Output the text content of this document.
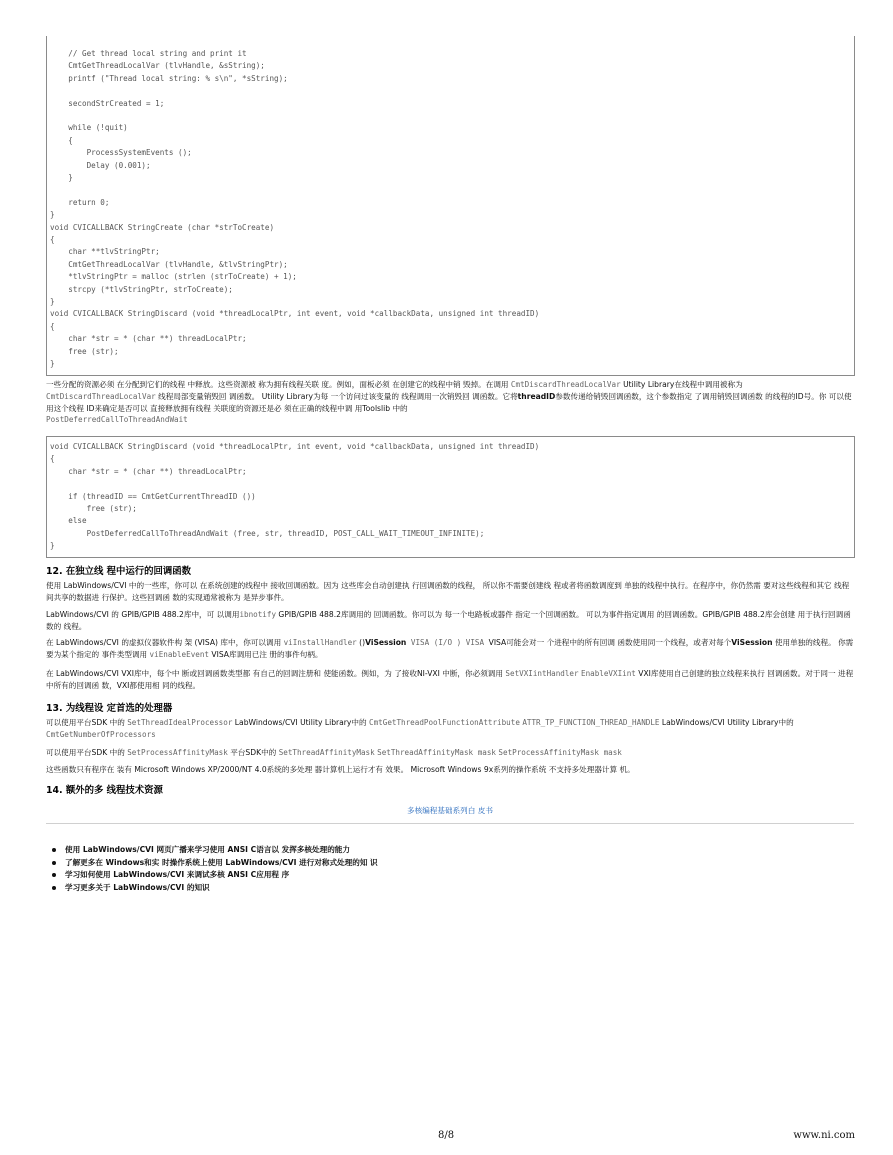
// Get thread local string and print it
CmtGetThreadLocalVar (tlvHandle, &sString);
printf ("Thread local string: % s\n", *sString);
secondStrCreated = 1;
while (!quit)
{
ProcessSystemEvents ();
Delay (0.001);
}
return 0;
}
void CVICALLBACK StringCreate (char *strToCreate)
{
char **tlvStringPtr;
CmtGetThreadLocalVar (tlvHandle, &tlvStringPtr);
*tlvStringPtr = malloc (strlen (strToCreate) + 1);
strcpy (*tlvStringPtr, strToCreate);
}
void CVICALLBACK StringDiscard (void *threadLocalPtr, int event, void *callbackData, unsigned int threadID)
{
char *str = * (char **) threadLocalPtr;
free (str);
}
一些分配的资源必须 在分配到它们的线程 中释放。这些资源被 称为拥有线程关联 度。例如，面板必须 在创建它的线程中销 毁掉。在调用 CmtDiscardThreadLocalVar Utility Library在线程中调用被称为 CmtDiscardThreadLocalVar 线程局部变量销毁回 调函数。 Utility Library为每 一个访问过该变量的 线程调用一次销毁回 调函数。它将threadID参数传递给销毁回调函数，这个参数指定 了调用销毁回调函数 的线程的ID号。你 可以使用这个线程 ID来确定是否可以 直接释放拥有线程 关联度的资源还是必 须在正确的线程中调 用Toolslib 中的
PostDeferredCallToThreadAndWait
void CVICALLBACK StringDiscard (void *threadLocalPtr, int event, void *callbackData, unsigned int threadID)
{
char *str = * (char **) threadLocalPtr;
if (threadID == CmtGetCurrentThreadID ())
free (str);
else
PostDeferredCallToThreadAndWait (free, str, threadID, POST_CALL_WAIT_TIMEOUT_INFINITE);
}
12. 在独立线 程中运行的回调函数
使用 LabWindows/CVI 中的一些库，你可以 在系统创建的线程中 接收回调函数。因为 这些库会自动创建执 行回调函数的线程， 所以你不需要创建线 程或者将函数调度到 单独的线程中执行。在程序中，你仍然需 要对这些线程和其它 线程间共享的数据进 行保护。这些回调函 数的实现通常被称为 是异步事件。
LabWindows/CVI 的 GPIB/GPIB 488.2库中，可 以调用ibnotify GPIB/GPIB 488.2库调用的 回调函数。你可以为 每一个电路板或器件 指定一个回调函数。 可以为事件指定调用 的回调函数。GPIB/GPIB 488.2库会创建 用于执行回调函数的 线程。
在 LabWindows/CVI 的虚拟仪器软件构 架 (VISA) 库中，你可以调用 viInstallHandler ()ViSession VISA (I/O ) VISA VISA可能会对一 个进程中的所有回调 函数使用同一个线程，或者对每个ViSession 使用单独的线程。 你需要为某个指定的 事件类型调用 viEnableEvent VISA库调用已注 册的事件句柄。
在 LabWindows/CVI VXI库中，每个中 断或回调函数类型都 有自己的回调注册和 使能函数。例如，为 了接收NI-VXI 中断，你必须调用 SetVXIintHandler EnableVXIint VXI库使用自己创建的独立线程来执行 回调函数。对于同一 进程中所有的回调函 数，VXI都使用相 同的线程。
13. 为线程设 定首选的处理器
可以使用平台SDK 中的 SetThreadIdealProcessor LabWindows/CVI Utility Library中的 CmtGetThreadPoolFunctionAttribute ATTR_TP_FUNCTION_THREAD_HANDLE LabWindows/CVI Utility Library中的 CmtGetNumberOfProcessors
可以使用平台SDK 中的 SetProcessAffinityMask 平台SDK中的 SetThreadAffinityMask SetThreadAffinityMask mask SetProcessAffinityMask mask
这些函数只有程序在 装有 Microsoft Windows XP/2000/NT 4.0系统的多处理 器计算机上运行才有 效果。 Microsoft Windows 9x系列的操作系统 不支持多处理器计算 机。
14. 额外的多 线程技术资源
多核编程基础系列白 皮书
使用 LabWindows/CVI 网页广播来学习使用 ANSI C语言以 发挥多核处理的能力
了解更多在 Windows和实 时操作系统上使用 LabWindows/CVI 进行对称式处理的知 识
学习如何使用 LabWindows/CVI 来调试多核 ANSI C应用程 序
学习更多关于 LabWindows/CVI 的知识
8/8	www.ni.com
